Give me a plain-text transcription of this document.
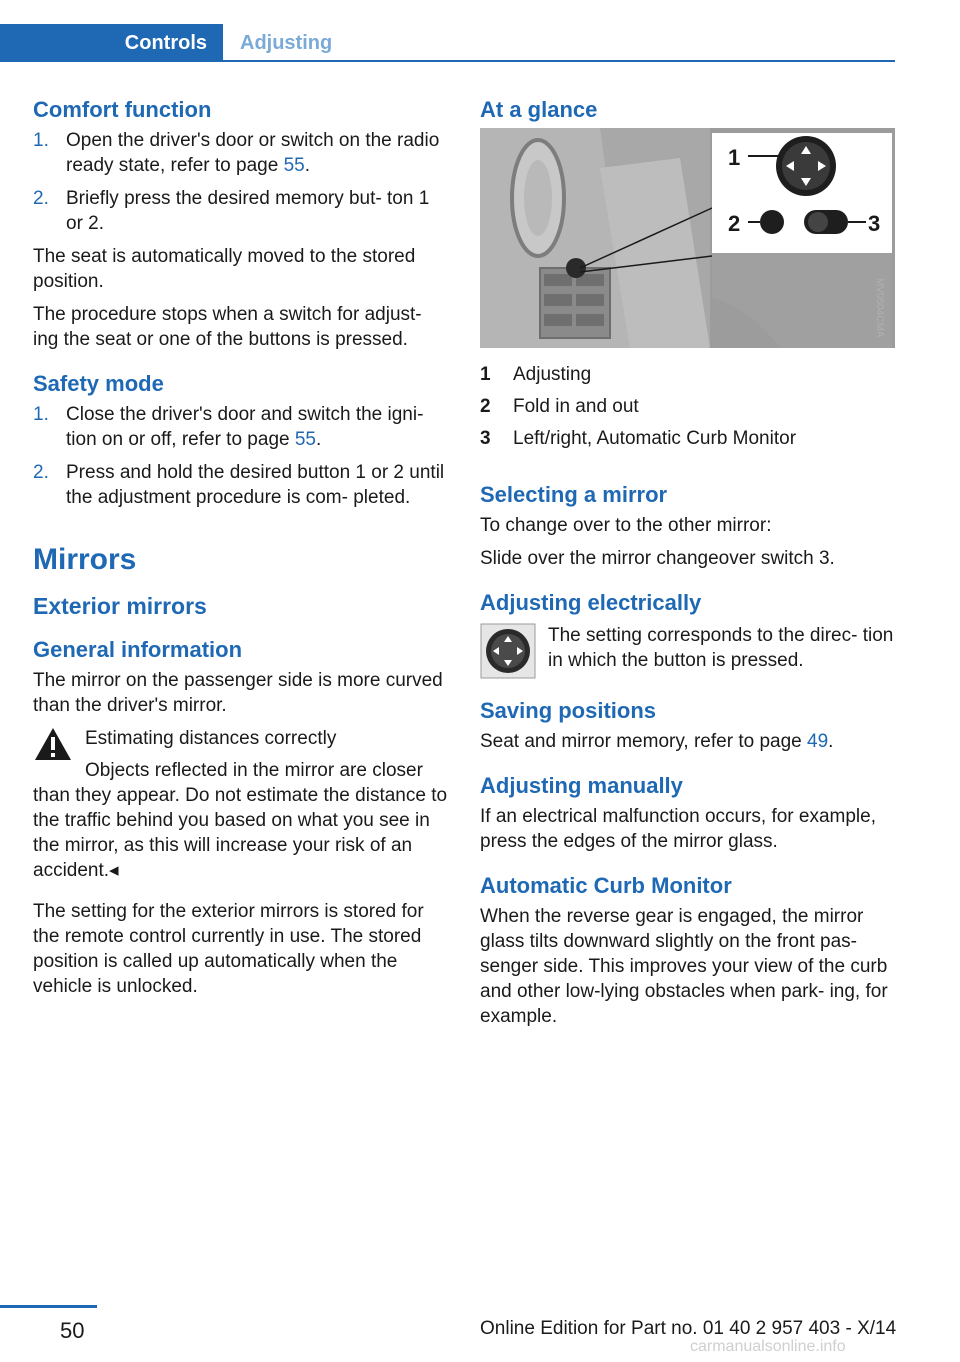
Controls	Adjusting
Comfort function
1. Open the driver's door or switch on the radio ready state, refer to page 55.
2. Briefly press the desired memory but‐ ton 1 or 2.

The seat is automatically moved to the stored position.

The procedure stops when a switch for adjust‐ ing the seat or one of the buttons is pressed.

Safety mode
1. Close the driver's door and switch the igni‐ tion on or off, refer to page 55.
2. Press and hold the desired button 1 or 2 until the adjustment procedure is com‐ pleted.
Mirrors
Exterior mirrors
General information

The mirror on the passenger side is more curved than the driver's mirror.

Estimating distances correctly
Objects reflected in the mirror are closer

than they appear. Do not estimate the distance to the traffic behind you based on what you see in the mirror, as this will increase your risk of an accident.◂

The setting for the exterior mirrors is stored for the remote control currently in use. The stored position is called up automatically when the vehicle is unlocked.

At a glance
1
2	3
MV0504CMA
1	Adjusting
2	Fold in and out
3	Left/right, Automatic Curb Monitor
Selecting a mirror

To change over to the other mirror:

Slide over the mirror changeover switch 3.

Adjusting electrically

The setting corresponds to the direc‐ tion in which the button is pressed.

Saving positions

Seat and mirror memory, refer to page 49.

Adjusting manually

If an electrical malfunction occurs, for example, press the edges of the mirror glass.

Automatic Curb Monitor

When the reverse gear is engaged, the mirror glass tilts downward slightly on the front pas‐ senger side. This improves your view of the curb and other low-lying obstacles when park‐ ing, for example.

50	Online Edition for Part no. 01 40 2 957 403 - X/14
carmanualsonline.info
